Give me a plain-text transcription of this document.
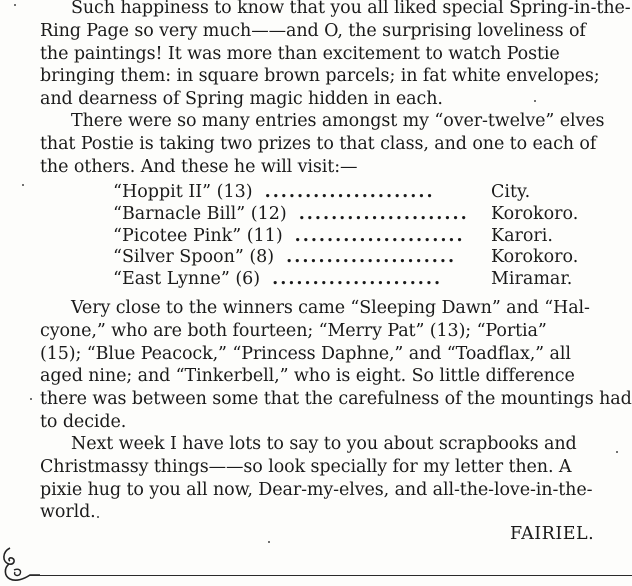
Such happiness to know that you all liked special Spring-in-the-
Ring Page so very much——and O, the surprising loveliness of
the paintings! It was more than excitement to watch Postie
bringing them: in square brown parcels; in fat white envelopes;
and dearness of Spring magic hidden in each.
There were so many entries amongst my “over-twelve” elves
that Postie is taking two prizes to that class, and one to each of
the others. And these he will visit:—
“Hoppit II” (13) .....................	City.
“Barnacle Bill” (12) .....................	Korokoro.
“Picotee Pink” (11) .....................	Karori.
“Silver Spoon” (8) .....................	Korokoro.
“East Lynne” (6) .....................	Miramar.
Very close to the winners came “Sleeping Dawn” and “Hal-
cyone,” who are both fourteen; “Merry Pat” (13); “Portia”
(15); “Blue Peacock,” “Princess Daphne,” and “Toadflax,” all
aged nine; and “Tinkerbell,” who is eight. So little difference
there was between some that the carefulness of the mountings had
to decide.
Next week I have lots to say to you about scrapbooks and
Christmassy things——so look specially for my letter then. A
pixie hug to you all now, Dear-my-elves, and all-the-love-in-the-
world.
FAIRIEL.
